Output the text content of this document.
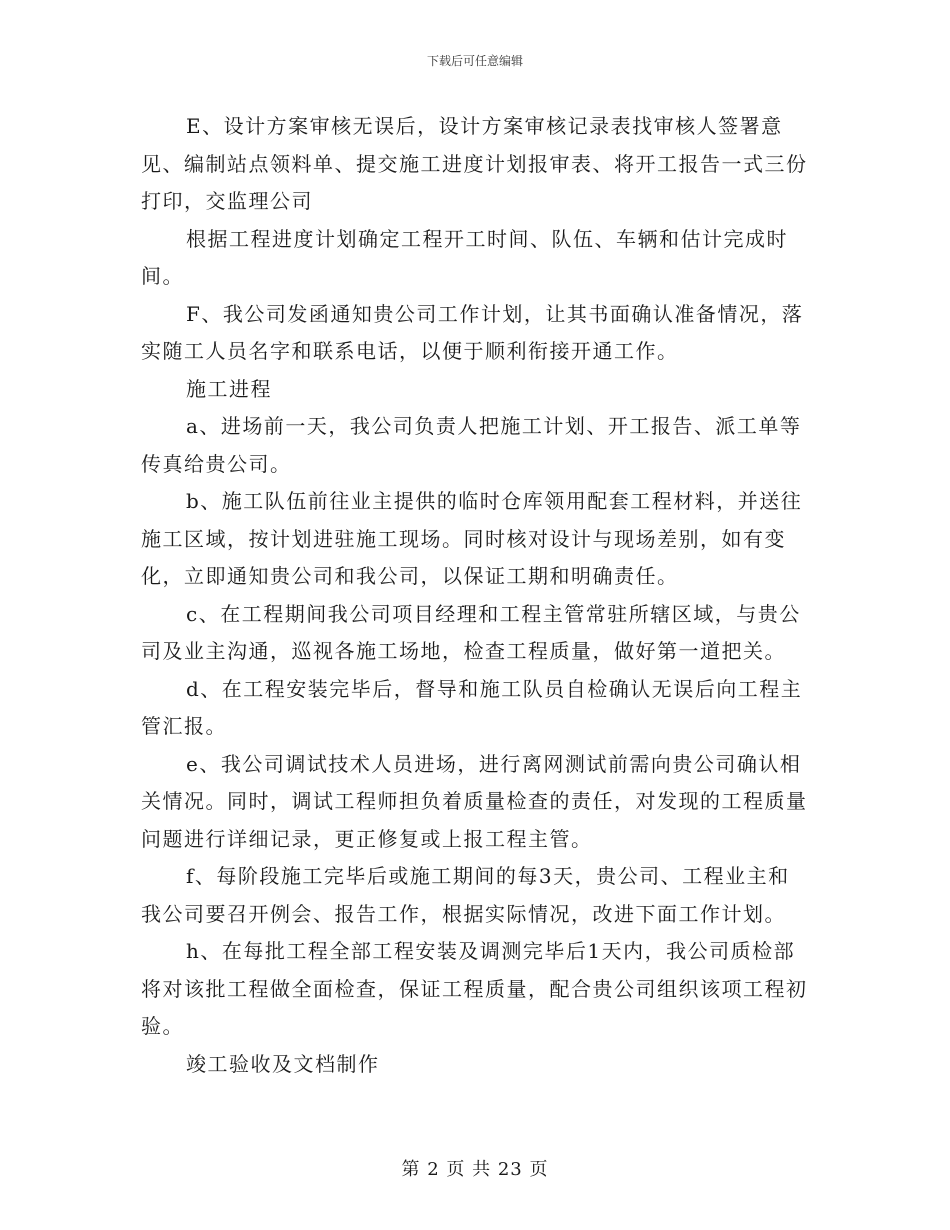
下载后可任意编辑

E、设计方案审核无误后，设计方案审核记录表找审核人签署意见、编制站点领料单、提交施工进度计划报审表、将开工报告一式三份打印，交监理公司

根据工程进度计划确定工程开工时间、队伍、车辆和估计完成时间。

F、我公司发函通知贵公司工作计划，让其书面确认准备情况，落实随工人员名字和联系电话，以便于顺利衔接开通工作。

施工进程

a、进场前一天，我公司负责人把施工计划、开工报告、派工单等传真给贵公司。

b、施工队伍前往业主提供的临时仓库领用配套工程材料，并送往施工区域，按计划进驻施工现场。同时核对设计与现场差别，如有变化，立即通知贵公司和我公司，以保证工期和明确责任。

c、在工程期间我公司项目经理和工程主管常驻所辖区域，与贵公司及业主沟通，巡视各施工场地，检查工程质量，做好第一道把关。

d、在工程安装完毕后，督导和施工队员自检确认无误后向工程主管汇报。

e、我公司调试技术人员进场，进行离网测试前需向贵公司确认相关情况。同时，调试工程师担负着质量检查的责任，对发现的工程质量问题进行详细记录，更正修复或上报工程主管。

f、每阶段施工完毕后或施工期间的每3天，贵公司、工程业主和我公司要召开例会、报告工作，根据实际情况，改进下面工作计划。

h、在每批工程全部工程安装及调测完毕后1天内，我公司质检部将对该批工程做全面检查，保证工程质量，配合贵公司组织该项工程初验。

竣工验收及文档制作

第 2 页 共 23 页
